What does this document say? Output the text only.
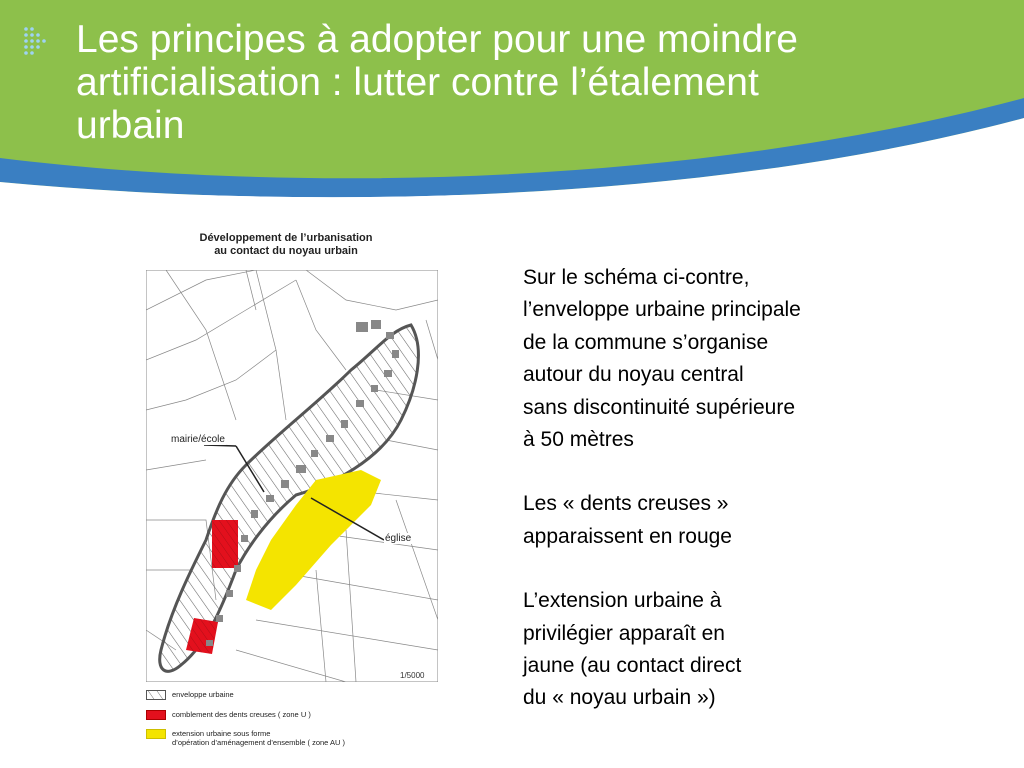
Les principes à adopter pour une moindre
artificialisation : lutter contre l’étalement
urbain
Développement de l’urbanisation
au contact du noyau urbain
mairie/école
église
1/5000
enveloppe urbaine
comblement des dents creuses ( zone U )
extension urbaine sous forme
d’opération d’aménagement d’ensemble ( zone AU )

Sur le schéma ci-contre,
l’enveloppe urbaine principale
de la commune s’organise
autour du noyau central
sans discontinuité supérieure
à 50 mètres

Les « dents creuses »
apparaissent en rouge

L’extension urbaine à
privilégier apparaît en
jaune (au contact direct
du « noyau urbain »)
